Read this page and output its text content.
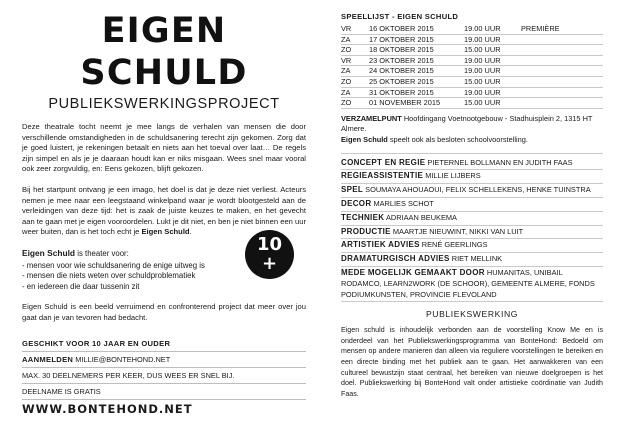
EIGEN SCHULD
PUBLIEKSWERKINGSPROJECT

Deze theatrale tocht neemt je mee langs de verhalen van mensen die door verschillende omstandigheden in de schuldsanering terecht zijn gekomen. Zorg dat je goed luistert, je rekeningen betaalt en niets aan het toeval over laat… De regels zijn simpel en als je je daaraan houdt kan er niks misgaan. Wees snel maar vooral ook zeer zorgvuldig, en: Eens gekozen, blijft gekozen.

Bij het startpunt ontvang je een imago, het doel is dat je deze niet verliest. Acteurs nemen je mee naar een leegstaand winkelpand waar je wordt blootgesteld aan de verleidingen van deze tijd: het is zaak de juiste keuzes te maken, en het gevecht aan te gaan met je eigen vooroordelen. Lukt je dit niet, en ben je niet binnen een uur weer buiten, dan is het toch echt je Eigen Schuld.

Eigen Schuld is theater voor:
- mensen voor wie schuldsanering de enige uitweg is
- mensen die niets weten over schuldproblematiek
- en iedereen die daar tussenin zit

Eigen Schuld is een beeld verruimend en confronterend project dat meer over jou gaat dan je van tevoren had bedacht.

GESCHIKT VOOR 10 JAAR EN OUDER
AANMELDEN MILLIE@BONTEHOND.NET
MAX. 30 DEELNEMERS PER KEER, DUS WEES ER SNEL BIJ.
DEELNAME IS GRATIS
WWW.BONTEHOND.NET
10
+
SPEELLIJST - EIGEN SCHULD
VR	16 OKTOBER 2015	19.00 UUR	PREMIÈRE
ZA	17 OKTOBER 2015	19.00 UUR	
ZO	18 OKTOBER 2015	15.00 UUR	
VR	23 OKTOBER 2015	19.00 UUR	
ZA	24 OKTOBER 2015	19.00 UUR	
ZO	25 OKTOBER 2015	15.00 UUR	
ZA	31 OKTOBER 2015	19.00 UUR	
ZO	01 NOVEMBER 2015	15.00 UUR	
VERZAMELPUNT Hoofdingang Voetnootgebouw - Stadhuisplein 2, 1315 HT Almere.
Eigen Schuld speelt ook als besloten schoolvoorstelling.
CONCEPT EN REGIE PIETERNEL BOLLMANN EN JUDITH FAAS
REGIEASSISTENTIE MILLIE LIJBERS
SPEL SOUMAYA AHOUAOUI, FELIX SCHELLEKENS, HENKE TUINSTRA
DECOR MARLIES SCHOT
TECHNIEK ADRIAAN BEUKEMA
PRODUCTIE MAARTJE NIEUWINT, NIKKI VAN LUIT
ARTISTIEK ADVIES RENÉ GEERLINGS
DRAMATURGISCH ADVIES RIET MELLINK
MEDE MOGELIJK GEMAAKT DOOR HUMANITAS, UNIBAIL RODAMCO, LEARN2WORK (DE SCHOOR), GEMEENTE ALMERE, FONDS PODIUMKUNSTEN, PROVINCIE FLEVOLAND
PUBLIEKSWERKING
Eigen schuld is inhoudelijk verbonden aan de voorstelling Know Me en is onderdeel van het Publiekswerkingsprogramma van BonteHond: Bedoeld om mensen op andere manieren dan alleen via reguliere voorstellingen te bereiken en een directe binding met het publiek aan te gaan. Het aanwakkeren van een cultureel bewustzijn staat centraal, het bereiken van nieuwe doelgroepen is het doel. Publiekswerking bij BonteHond valt onder artistieke coördinatie van Judith Faas.
